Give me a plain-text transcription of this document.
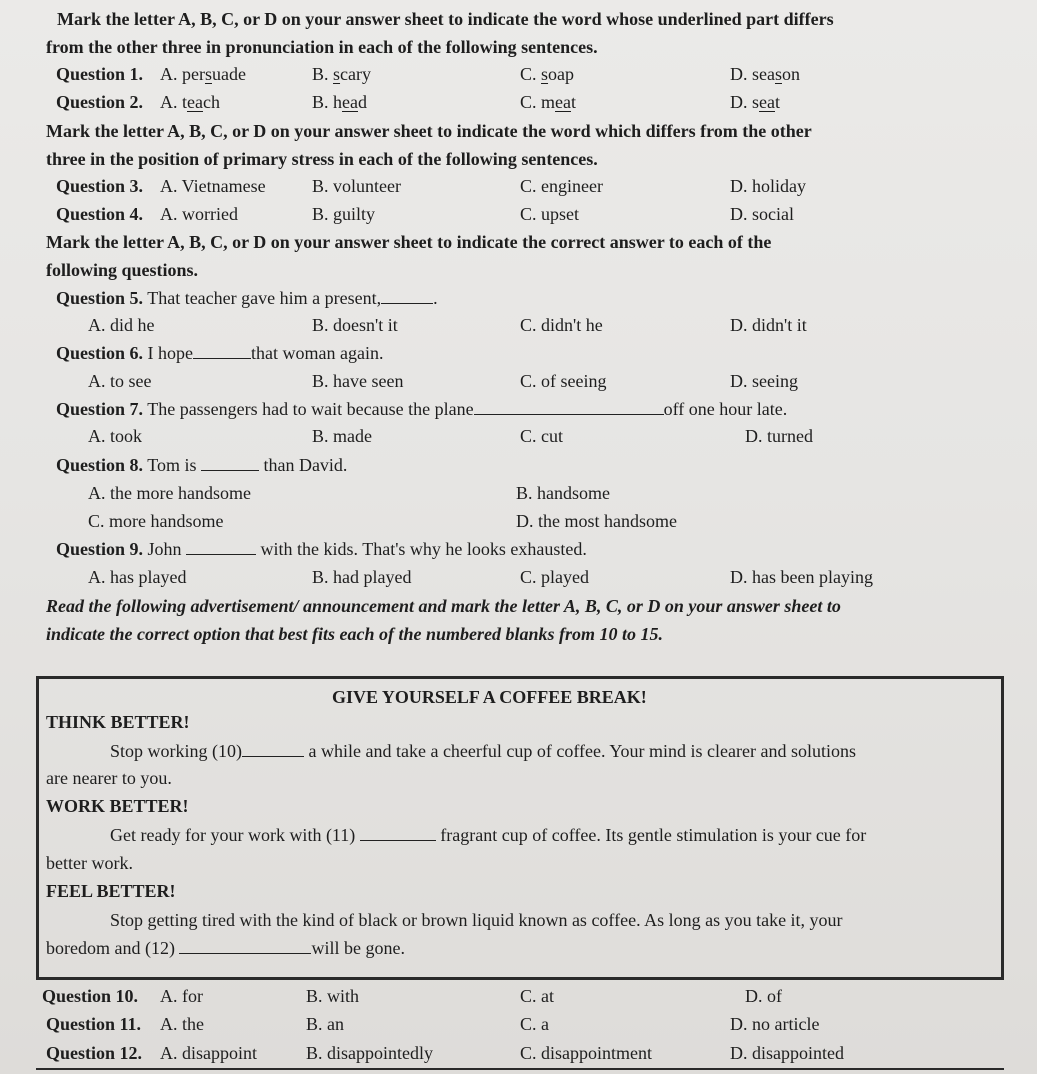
Mark the letter A, B, C, or D on your answer sheet to indicate the word whose underlined part differs
from the other three in pronunciation in each of the following sentences.
Question 1. A. persuade	B. scary	C. soap	D. season
Question 2. A. teach	B. head	C. meat	D. seat
Mark the letter A, B, C, or D on your answer sheet to indicate the word which differs from the other
three in the position of primary stress in each of the following sentences.
Question 3. A. Vietnamese	B. volunteer	C. engineer	D. holiday
Question 4. A. worried	B. guilty	C. upset	D. social
Mark the letter A, B, C, or D on your answer sheet to indicate the correct answer to each of the
following questions.
Question 5. That teacher gave him a present,	.
A. did he	B. doesn't it	C. didn't he	D. didn't it
Question 6. I hope	that woman again.
A. to see	B. have seen	C. of seeing	D. seeing
Question 7. The passengers had to wait because the plane	off one hour late.
A. took	B. made	C. cut	D. turned
Question 8. Tom is	than David.
A. the more handsome	B. handsome
C. more handsome	D. the most handsome
Question 9. John	with the kids. That's why he looks exhausted.
A. has played	B. had played	C. played	D. has been playing
Read the following advertisement/ announcement and mark the letter A, B, C, or D on your answer sheet to
indicate the correct option that best fits each of the numbered blanks from 10 to 15.
GIVE YOURSELF A COFFEE BREAK!
THINK BETTER!
Stop working (10)	a while and take a cheerful cup of coffee. Your mind is clearer and solutions
are nearer to you.
WORK BETTER!
Get ready for your work with (11)	fragrant cup of coffee. Its gentle stimulation is your cue for
better work.
FEEL BETTER!
Stop getting tired with the kind of black or brown liquid known as coffee. As long as you take it, your
boredom and (12)	will be gone.
Question 10. A. for	B. with	C. at	D. of
Question 11. A. the	B. an	C. a	D. no article
Question 12. A. disappoint	B. disappointedly	C. disappointment	D. disappointed
